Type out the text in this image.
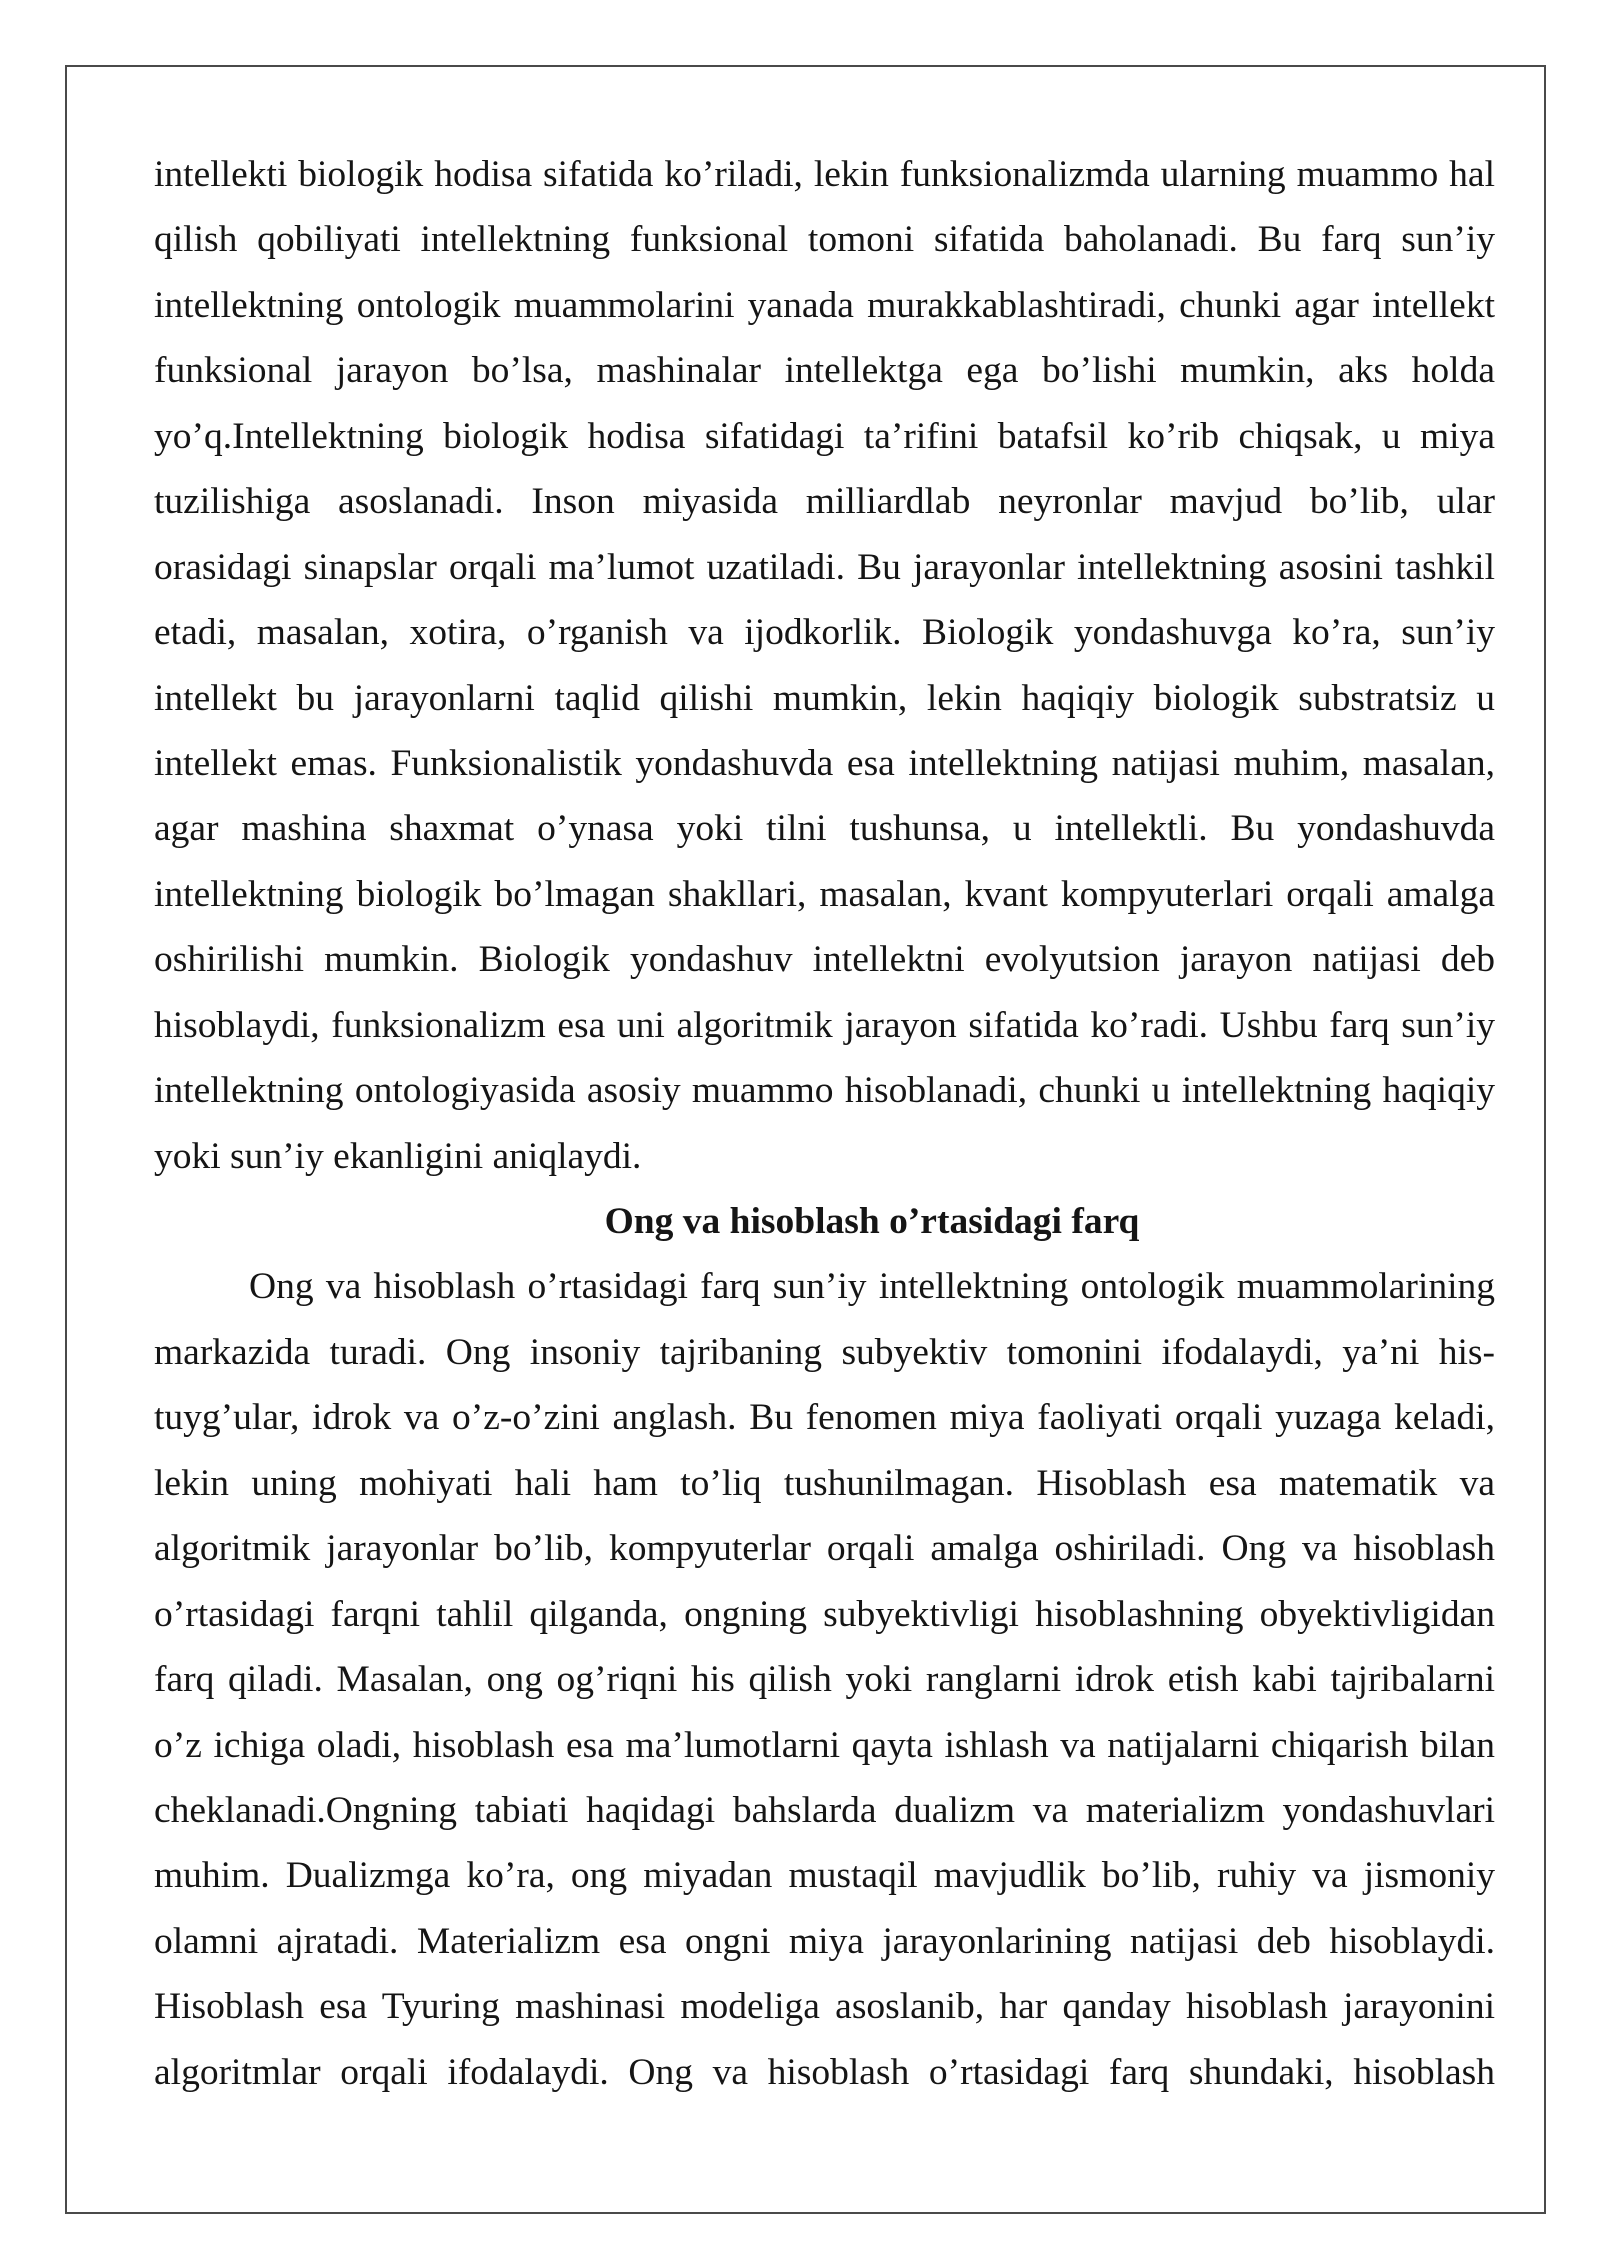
intellekti biologik hodisa sifatida ko’riladi, lekin funksionalizmda ularning muammo hal
qilish qobiliyati intellektning funksional tomoni sifatida baholanadi. Bu farq sun’iy
intellektning ontologik muammolarini yanada murakkablashtiradi, chunki agar intellekt
funksional jarayon bo’lsa, mashinalar intellektga ega bo’lishi mumkin, aks holda
yo’q.Intellektning biologik hodisa sifatidagi ta’rifini batafsil ko’rib chiqsak, u miya
tuzilishiga asoslanadi. Inson miyasida milliardlab neyronlar mavjud bo’lib, ular
orasidagi sinapslar orqali ma’lumot uzatiladi. Bu jarayonlar intellektning asosini tashkil
etadi, masalan, xotira, o’rganish va ijodkorlik. Biologik yondashuvga ko’ra, sun’iy
intellekt bu jarayonlarni taqlid qilishi mumkin, lekin haqiqiy biologik substratsiz u
intellekt emas. Funksionalistik yondashuvda esa intellektning natijasi muhim, masalan,
agar mashina shaxmat o’ynasa yoki tilni tushunsa, u intellektli. Bu yondashuvda
intellektning biologik bo’lmagan shakllari, masalan, kvant kompyuterlari orqali amalga
oshirilishi mumkin. Biologik yondashuv intellektni evolyutsion jarayon natijasi deb
hisoblaydi, funksionalizm esa uni algoritmik jarayon sifatida ko’radi. Ushbu farq sun’iy
intellektning ontologiyasida asosiy muammo hisoblanadi, chunki u intellektning haqiqiy
yoki sun’iy ekanligini aniqlaydi.
Ong va hisoblash o’rtasidagi farq
Ong va hisoblash o’rtasidagi farq sun’iy intellektning ontologik muammolarining
markazida turadi. Ong insoniy tajribaning subyektiv tomonini ifodalaydi, ya’ni his-
tuyg’ular, idrok va o’z-o’zini anglash. Bu fenomen miya faoliyati orqali yuzaga keladi,
lekin uning mohiyati hali ham to’liq tushunilmagan. Hisoblash esa matematik va
algoritmik jarayonlar bo’lib, kompyuterlar orqali amalga oshiriladi. Ong va hisoblash
o’rtasidagi farqni tahlil qilganda, ongning subyektivligi hisoblashning obyektivligidan
farq qiladi. Masalan, ong og’riqni his qilish yoki ranglarni idrok etish kabi tajribalarni
o’z ichiga oladi, hisoblash esa ma’lumotlarni qayta ishlash va natijalarni chiqarish bilan
cheklanadi.Ongning tabiati haqidagi bahslarda dualizm va materializm yondashuvlari
muhim. Dualizmga ko’ra, ong miyadan mustaqil mavjudlik bo’lib, ruhiy va jismoniy
olamni ajratadi. Materializm esa ongni miya jarayonlarining natijasi deb hisoblaydi.
Hisoblash esa Tyuring mashinasi modeliga asoslanib, har qanday hisoblash jarayonini
algoritmlar orqali ifodalaydi. Ong va hisoblash o’rtasidagi farq shundaki, hisoblash
